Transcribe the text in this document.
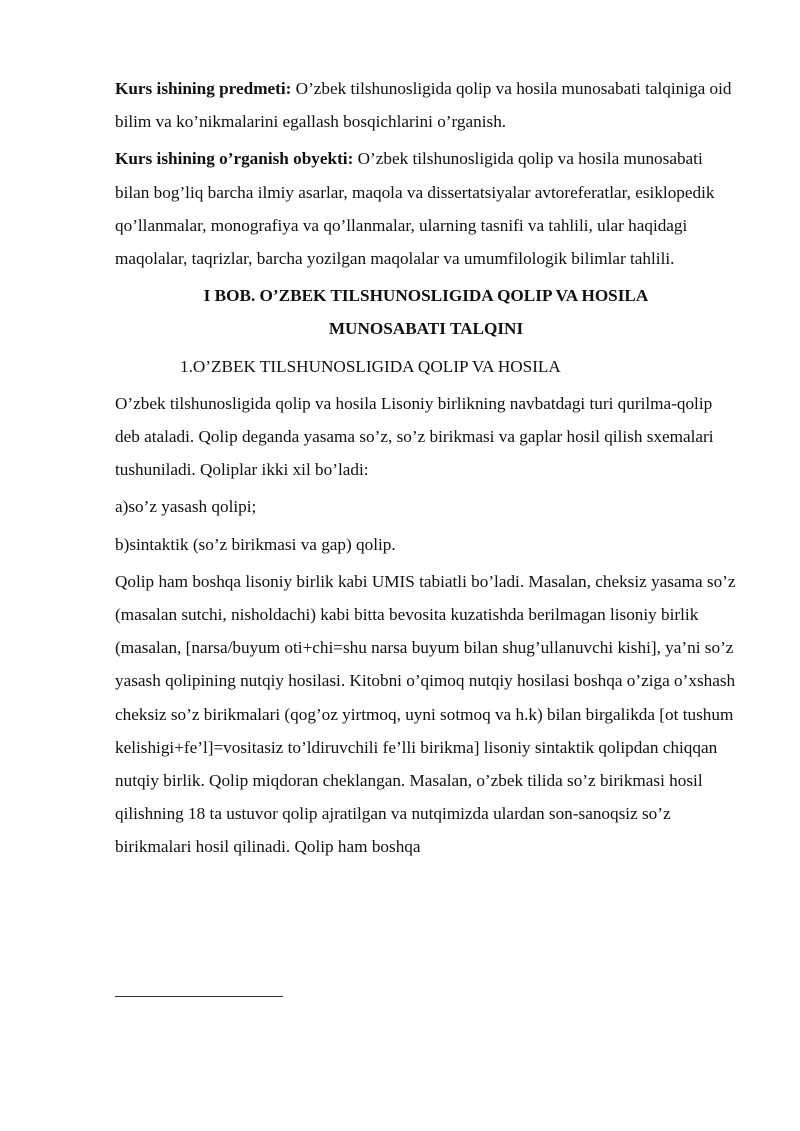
Kurs ishining predmeti: O’zbek tilshunosligida qolip va hosila munosabati talqiniga oid bilim va ko’nikmalarini egallash bosqichlarini o’rganish.

Kurs ishining o’rganish obyekti: O’zbek tilshunosligida qolip va hosila munosabati bilan bog’liq barcha ilmiy asarlar, maqola va dissertatsiyalar avtoreferatlar, esiklopedik qo’llanmalar, monografiya va qo’llanmalar, ularning tasnifi va tahlili, ular haqidagi maqolalar, taqrizlar, barcha yozilgan maqolalar va umumfilologik bilimlar tahlili.

I BOB. O’ZBEK TILSHUNOSLIGIDA QOLIP VA HOSILA

MUNOSABATI TALQINI

1.O’ZBEK TILSHUNOSLIGIDA QOLIP VA HOSILA

O’zbek tilshunosligida qolip va hosila Lisoniy birlikning navbatdagi turi qurilma-qolip deb ataladi. Qolip deganda yasama so’z, so’z birikmasi va gaplar hosil qilish sxemalari tushuniladi. Qoliplar ikki xil bo’ladi:

a)so’z yasash qolipi;

b)sintaktik (so’z birikmasi va gap) qolip.

Qolip ham boshqa lisoniy birlik kabi UMIS tabiatli bo’ladi. Masalan, cheksiz yasama so’z (masalan sutchi, nisholdachi) kabi bitta bevosita kuzatishda berilmagan lisoniy birlik (masalan, [narsa/buyum oti+chi=shu narsa buyum bilan shug’ullanuvchi kishi], ya’ni so’z yasash qolipining nutqiy hosilasi. Kitobni o’qimoq nutqiy hosilasi boshqa o’ziga o’xshash cheksiz so’z birikmalari (qog’oz yirtmoq, uyni sotmoq va h.k) bilan birgalikda [ot tushum kelishigi+fe’l]=vositasiz to’ldiruvchili fe’lli birikma] lisoniy sintaktik qolipdan chiqqan nutqiy birlik. Qolip miqdoran cheklangan. Masalan, o’zbek tilida so’z birikmasi hosil qilishning 18 ta ustuvor qolip ajratilgan va nutqimizda ulardan son-sanoqsiz so’z birikmalari hosil qilinadi. Qolip ham boshqa
